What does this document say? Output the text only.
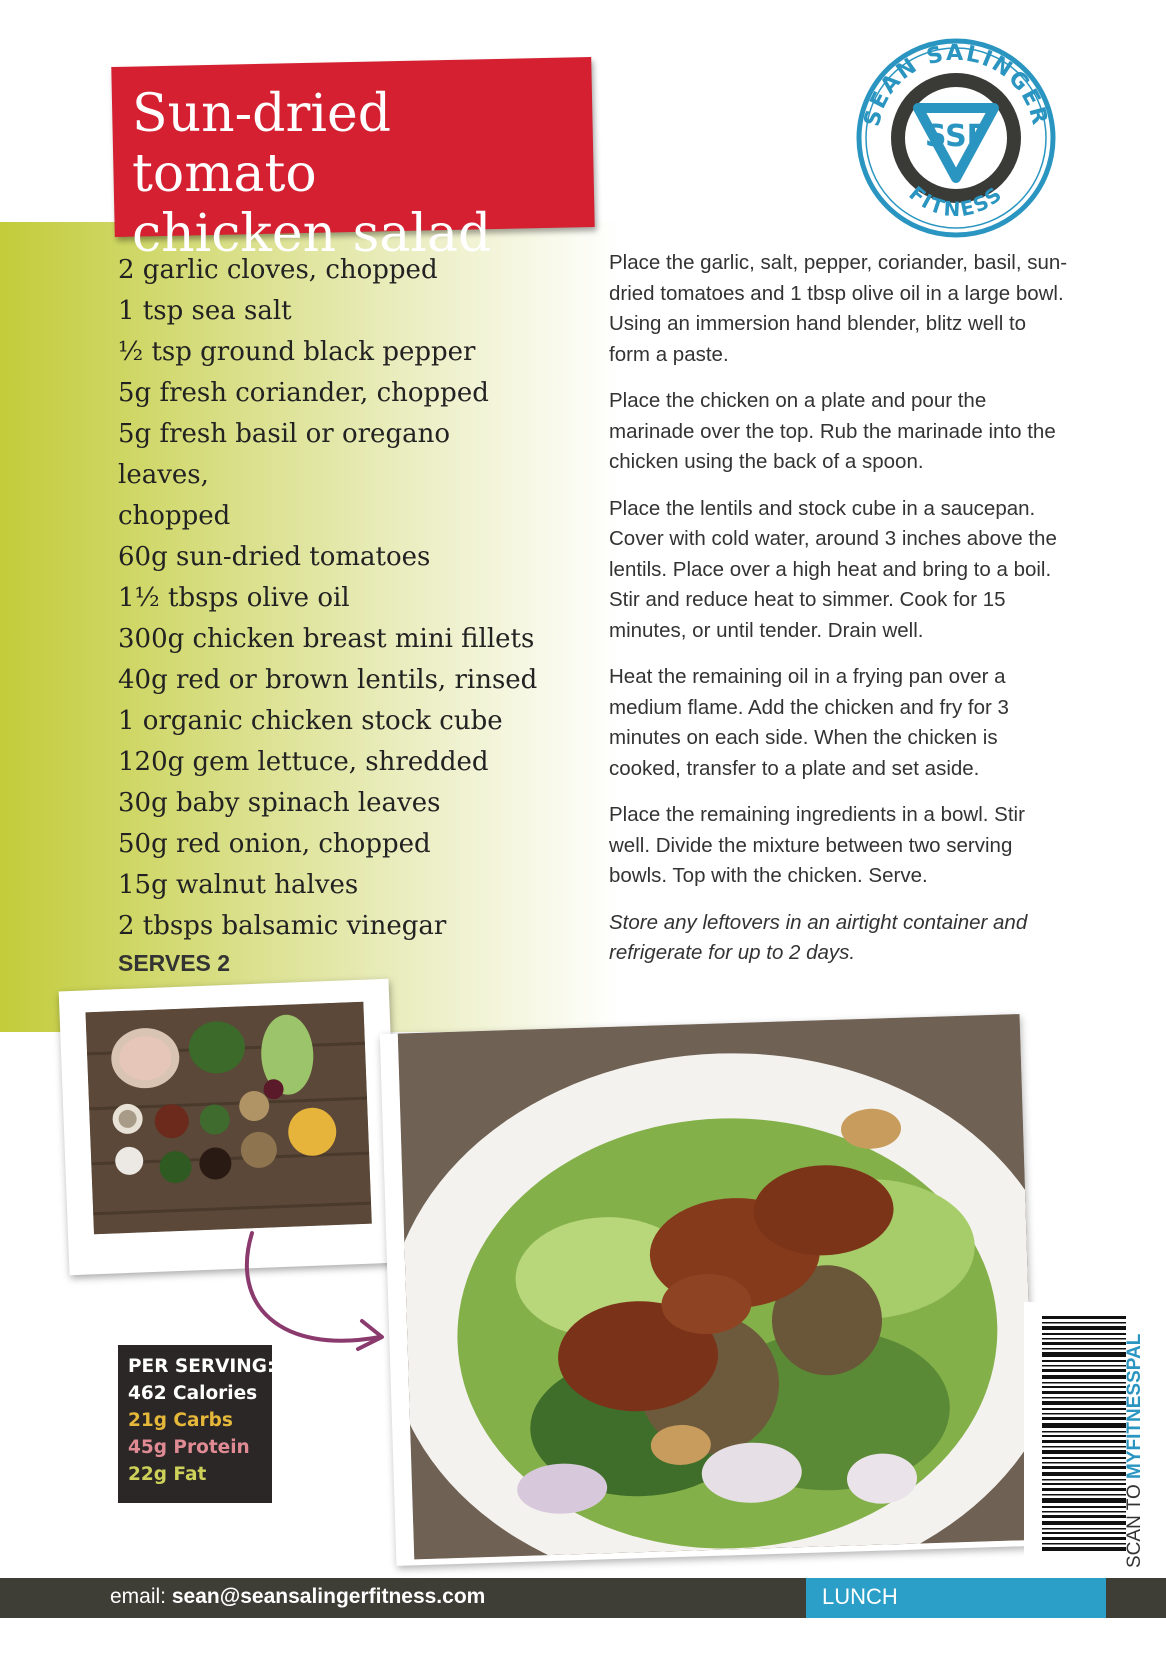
Sun-dried tomato
chicken salad
SEAN SALINGER
FITNESS
SSF
2 garlic cloves, chopped
1 tsp sea salt
½ tsp ground black pepper
5g fresh coriander, chopped
5g fresh basil or oregano leaves,
chopped
60g sun-dried tomatoes
1½ tbsps olive oil
300g chicken breast mini fillets
40g red or brown lentils, rinsed
1 organic chicken stock cube
120g gem lettuce, shredded
30g baby spinach leaves
50g red onion, chopped
15g walnut halves
2 tbsps balsamic vinegar

SERVES 2

Place the garlic, salt, pepper, coriander, basil, sun-dried tomatoes and 1 tbsp olive oil in a large bowl. Using an immersion hand blender, blitz well to form a paste.

Place the chicken on a plate and pour the marinade over the top. Rub the marinade into the chicken using the back of a spoon.

Place the lentils and stock cube in a saucepan. Cover with cold water, around 3 inches above the lentils. Place over a high heat and bring to a boil. Stir and reduce heat to simmer. Cook for 15 minutes, or until tender. Drain well.

Heat the remaining oil in a frying pan over a medium flame. Add the chicken and fry for 3 minutes on each side. When the chicken is cooked, transfer to a plate and set aside.

Place the remaining ingredients in a bowl. Stir well. Divide the mixture between two serving bowls. Top with the chicken. Serve.

Store any leftovers in an airtight container and refrigerate for up to 2 days.

PER SERVING:
462 Calories
21g Carbs
45g Protein
22g Fat
SCAN TO MYFITNESSPAL
email: sean@seansalingerfitness.com	LUNCH
